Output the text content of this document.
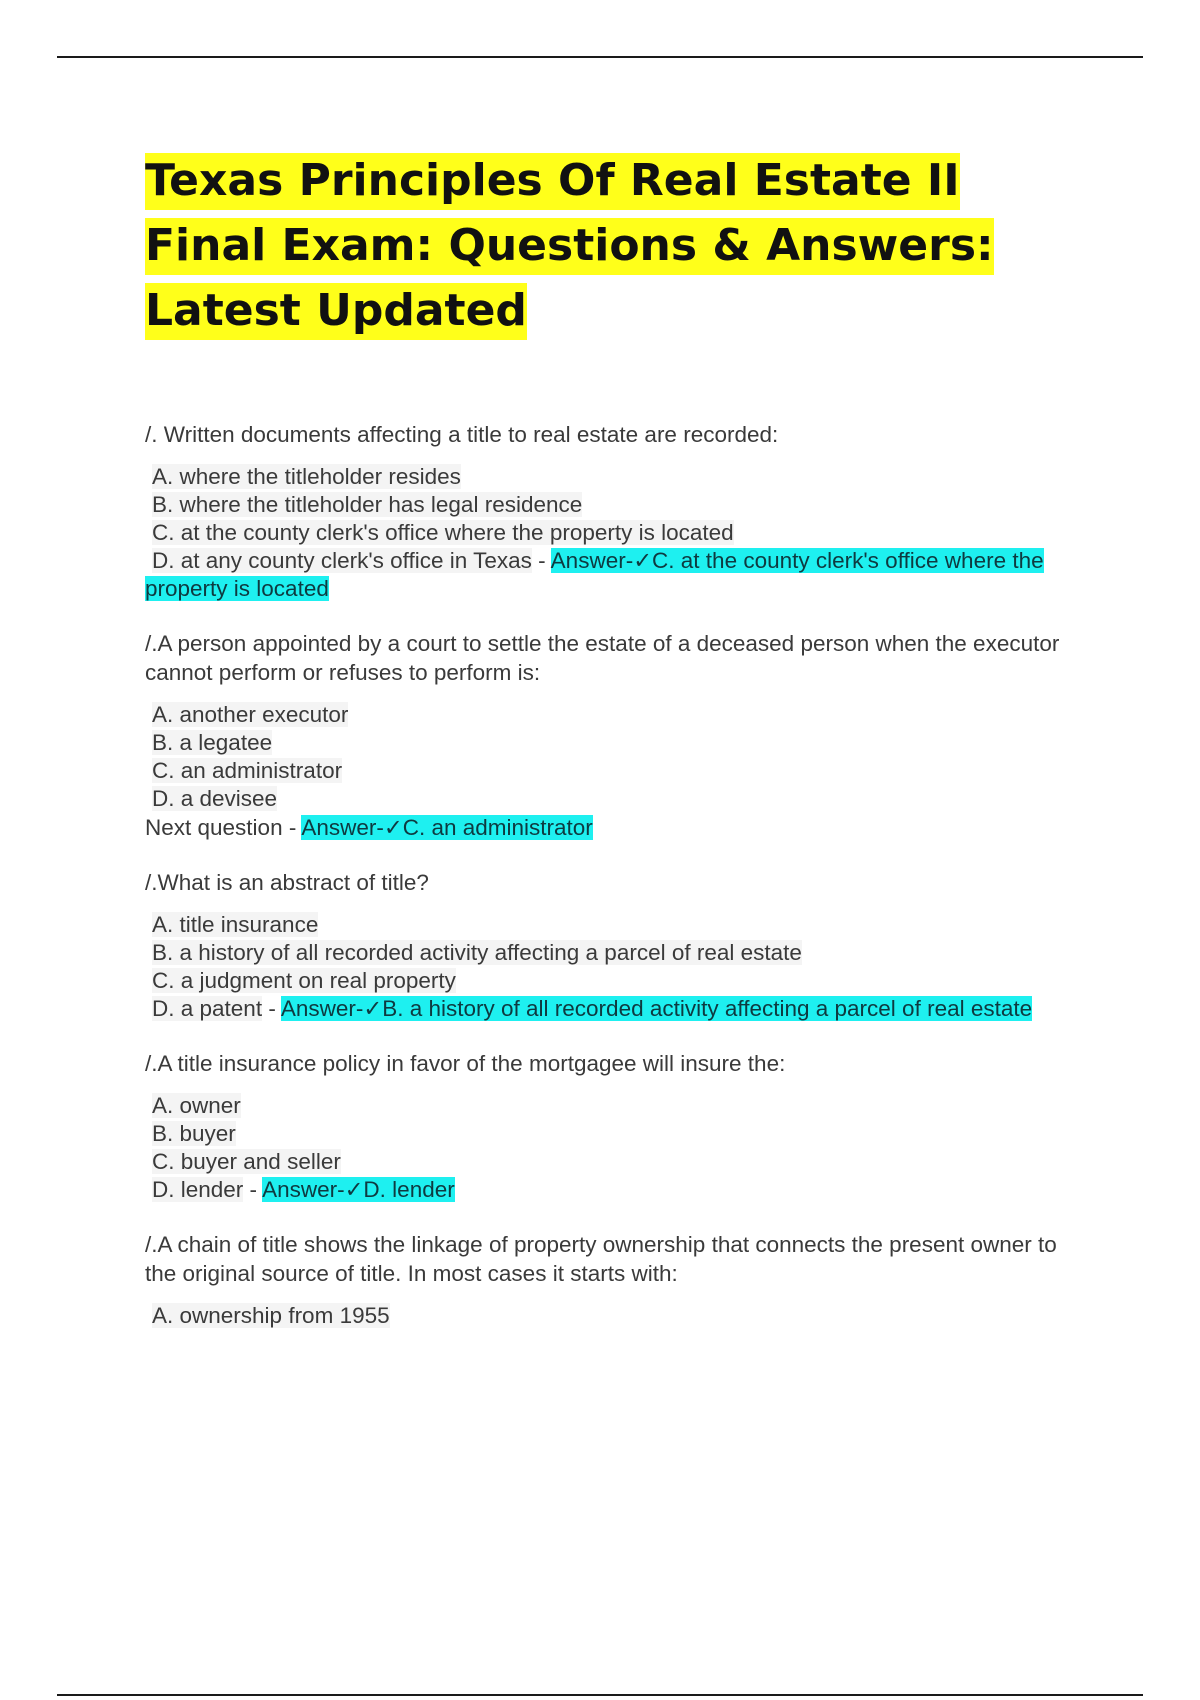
Texas Principles Of Real Estate II Final Exam: Questions & Answers: Latest Updated
/. Written documents affecting a title to real estate are recorded:
A. where the titleholder resides
B. where the titleholder has legal residence
C. at the county clerk's office where the property is located
D. at any county clerk's office in Texas - Answer-✓C. at the county clerk's office where the property is located
/.A person appointed by a court to settle the estate of a deceased person when the executor cannot perform or refuses to perform is:
A. another executor
B. a legatee
C. an administrator
D. a devisee
Next question - Answer-✓C. an administrator
/.What is an abstract of title?
A. title insurance
B. a history of all recorded activity affecting a parcel of real estate
C. a judgment on real property
D. a patent - Answer-✓B. a history of all recorded activity affecting a parcel of real estate
/.A title insurance policy in favor of the mortgagee will insure the:
A. owner
B. buyer
C. buyer and seller
D. lender - Answer-✓D. lender
/.A chain of title shows the linkage of property ownership that connects the present owner to the original source of title. In most cases it starts with:
A. ownership from 1955
